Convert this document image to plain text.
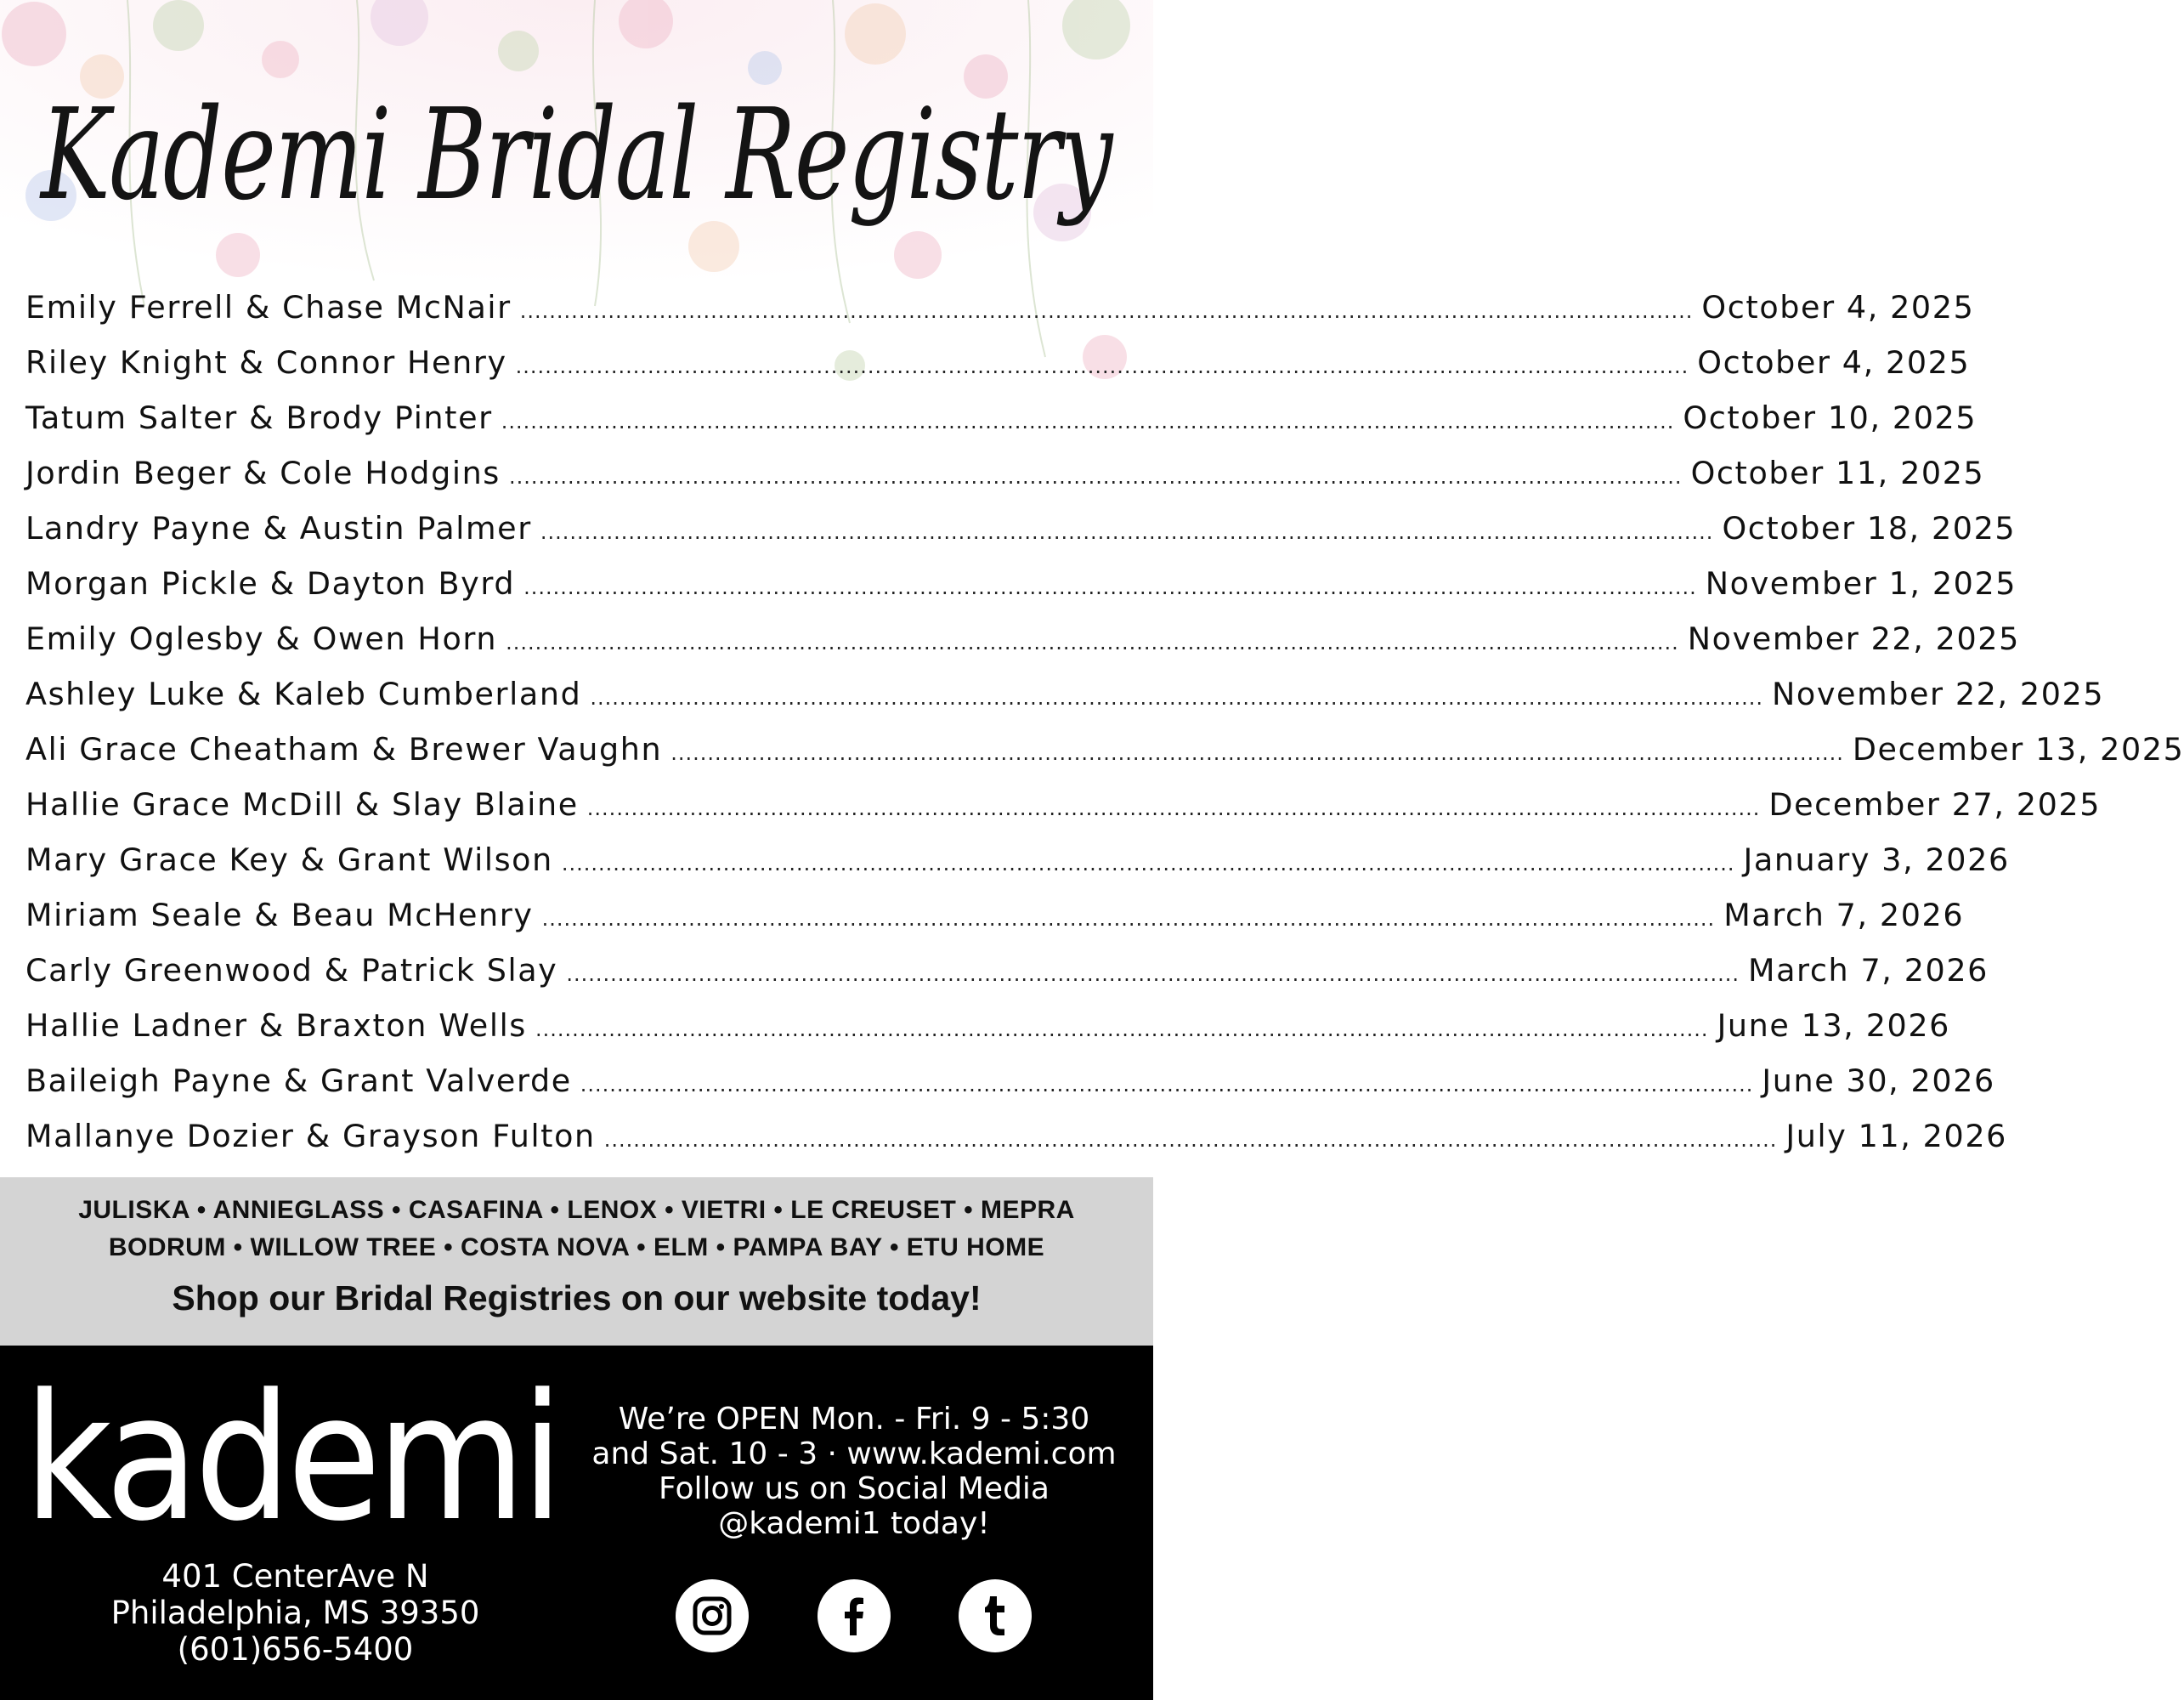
Kademi Bridal Registry
Emily Ferrell & Chase McNair .....	October 4, 2025
Riley Knight & Connor Henry .....	October 4, 2025
Tatum Salter & Brody Pinter .....	October 10, 2025
Jordin Beger & Cole Hodgins .....	October 11, 2025
Landry Payne & Austin Palmer .....	October 18, 2025
Morgan Pickle & Dayton Byrd .....	November 1, 2025
Emily Oglesby & Owen Horn .....	November 22, 2025
Ashley Luke & Kaleb Cumberland .....	November 22, 2025
Ali Grace Cheatham & Brewer Vaughn .....	December 13, 2025
Hallie Grace McDill & Slay Blaine .....	December 27, 2025
Mary Grace Key & Grant Wilson .....	January 3, 2026
Miriam Seale & Beau McHenry .....	March 7, 2026
Carly Greenwood & Patrick Slay .....	March 7, 2026
Hallie Ladner & Braxton Wells .....	June 13, 2026
Baileigh Payne & Grant Valverde .....	June 30, 2026
Mallanye Dozier & Grayson Fulton .....	July 11, 2026
JULISKA • ANNIEGLASS • CASAFINA • LENOX • VIETRI • LE CREUSET • MEPRA
BODRUM • WILLOW TREE • COSTA NOVA • ELM • PAMPA BAY • ETU HOME
Shop our Bridal Registries on our website today!
kademi
401 CenterAve N
Philadelphia, MS 39350
(601)656-5400
We’re OPEN Mon. - Fri. 9 - 5:30
and Sat. 10 - 3 · www.kademi.com
Follow us on Social Media
@kademi1 today!
